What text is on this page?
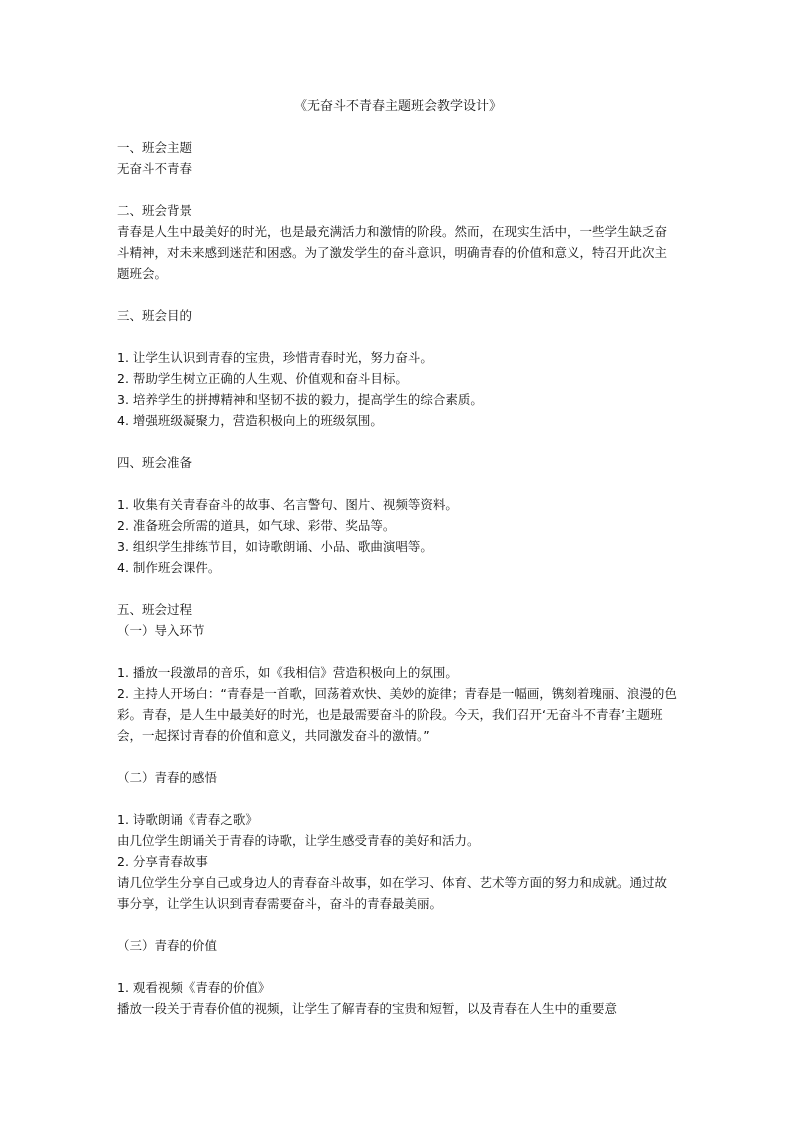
《无奋斗不青春主题班会教学设计》

一、班会主题

无奋斗不青春

二、班会背景

青春是人生中最美好的时光，也是最充满活力和激情的阶段。然而，在现实生活中，一些学生缺乏奋斗精神，对未来感到迷茫和困惑。为了激发学生的奋斗意识，明确青春的价值和意义，特召开此次主题班会。

三、班会目的

1. 让学生认识到青春的宝贵，珍惜青春时光，努力奋斗。

2. 帮助学生树立正确的人生观、价值观和奋斗目标。

3. 培养学生的拼搏精神和坚韧不拔的毅力，提高学生的综合素质。

4. 增强班级凝聚力，营造积极向上的班级氛围。

四、班会准备

1. 收集有关青春奋斗的故事、名言警句、图片、视频等资料。

2. 准备班会所需的道具，如气球、彩带、奖品等。

3. 组织学生排练节目，如诗歌朗诵、小品、歌曲演唱等。

4. 制作班会课件。

五、班会过程

（一）导入环节

1. 播放一段激昂的音乐，如《我相信》营造积极向上的氛围。

2. 主持人开场白：“青春是一首歌，回荡着欢快、美妙的旋律；青春是一幅画，镌刻着瑰丽、浪漫的色彩。青春，是人生中最美好的时光，也是最需要奋斗的阶段。今天，我们召开‘无奋斗不青春’主题班会，一起探讨青春的价值和意义，共同激发奋斗的激情。”

（二）青春的感悟

1. 诗歌朗诵《青春之歌》

由几位学生朗诵关于青春的诗歌，让学生感受青春的美好和活力。

2. 分享青春故事

请几位学生分享自己或身边人的青春奋斗故事，如在学习、体育、艺术等方面的努力和成就。通过故事分享，让学生认识到青春需要奋斗，奋斗的青春最美丽。

（三）青春的价值

1. 观看视频《青春的价值》

播放一段关于青春价值的视频，让学生了解青春的宝贵和短暂，以及青春在人生中的重要意
